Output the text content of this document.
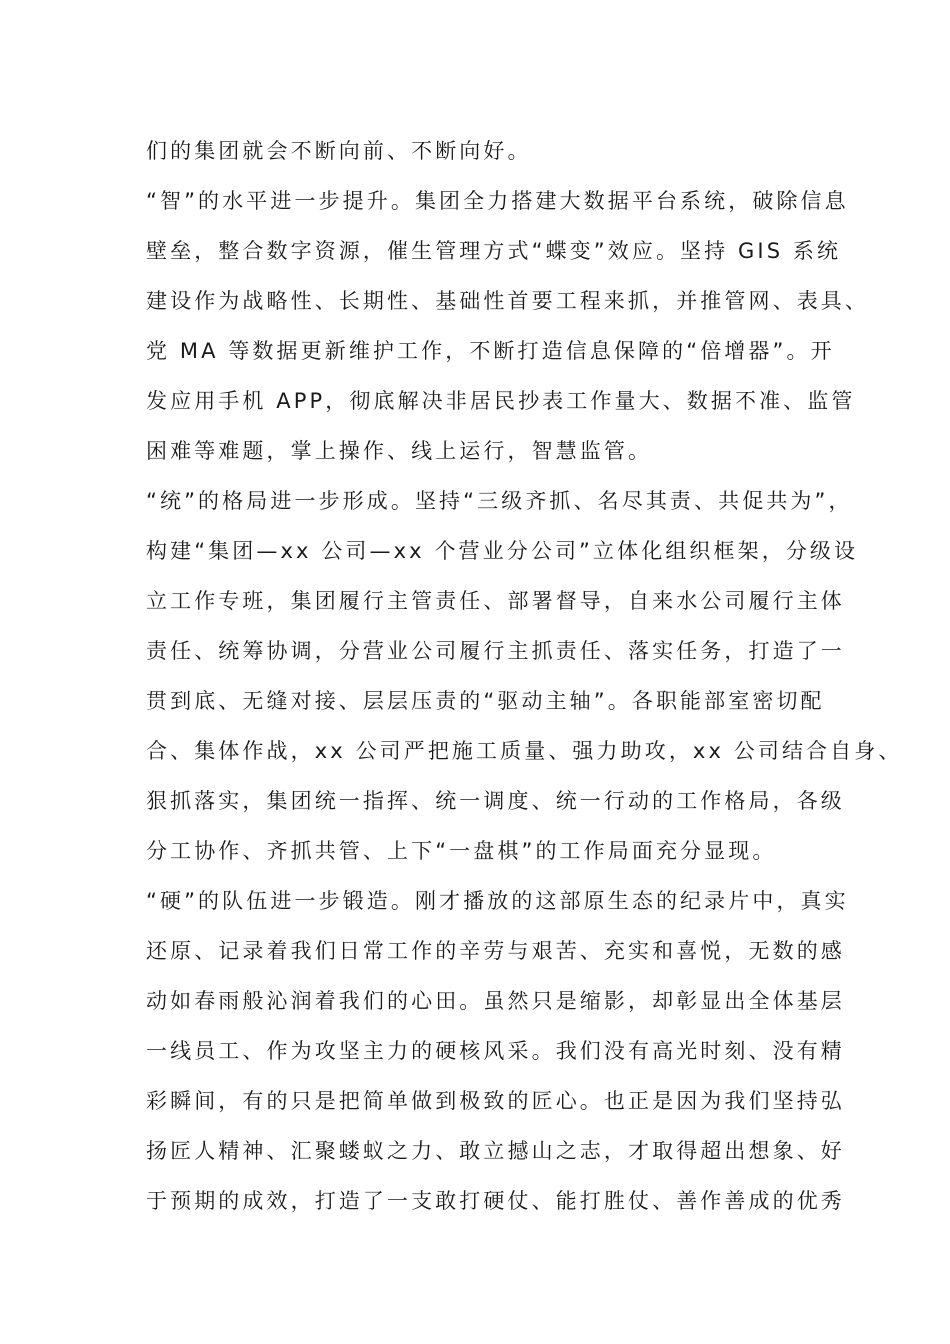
们的集团就会不断向前、不断向好。
“智”的水平进一步提升。集团全力搭建大数据平台系统，破除信息
壁垒，整合数字资源，催生管理方式“蝶变”效应。坚持 GIS 系统
建设作为战略性、长期性、基础性首要工程来抓，并推管网、表具、
党 MA 等数据更新维护工作，不断打造信息保障的“倍增器”。开
发应用手机 APP，彻底解决非居民抄表工作量大、数据不准、监管
困难等难题，掌上操作、线上运行，智慧监管。
“统”的格局进一步形成。坚持“三级齐抓、名尽其责、共促共为”，
构建“集团—xx 公司—xx 个营业分公司”立体化组织框架，分级设
立工作专班，集团履行主管责任、部署督导，自来水公司履行主体
责任、统筹协调，分营业公司履行主抓责任、落实任务，打造了一
贯到底、无缝对接、层层压责的“驱动主轴”。各职能部室密切配
合、集体作战，xx 公司严把施工质量、强力助攻，xx 公司结合自身、
狠抓落实，集团统一指挥、统一调度、统一行动的工作格局，各级
分工协作、齐抓共管、上下“一盘棋”的工作局面充分显现。
“硬”的队伍进一步锻造。刚才播放的这部原生态的纪录片中，真实
还原、记录着我们日常工作的辛劳与艰苦、充实和喜悦，无数的感
动如春雨般沁润着我们的心田。虽然只是缩影，却彰显出全体基层
一线员工、作为攻坚主力的硬核风采。我们没有高光时刻、没有精
彩瞬间，有的只是把简单做到极致的匠心。也正是因为我们坚持弘
扬匠人精神、汇聚蝼蚁之力、敢立撼山之志，才取得超出想象、好
于预期的成效，打造了一支敢打硬仗、能打胜仗、善作善成的优秀
